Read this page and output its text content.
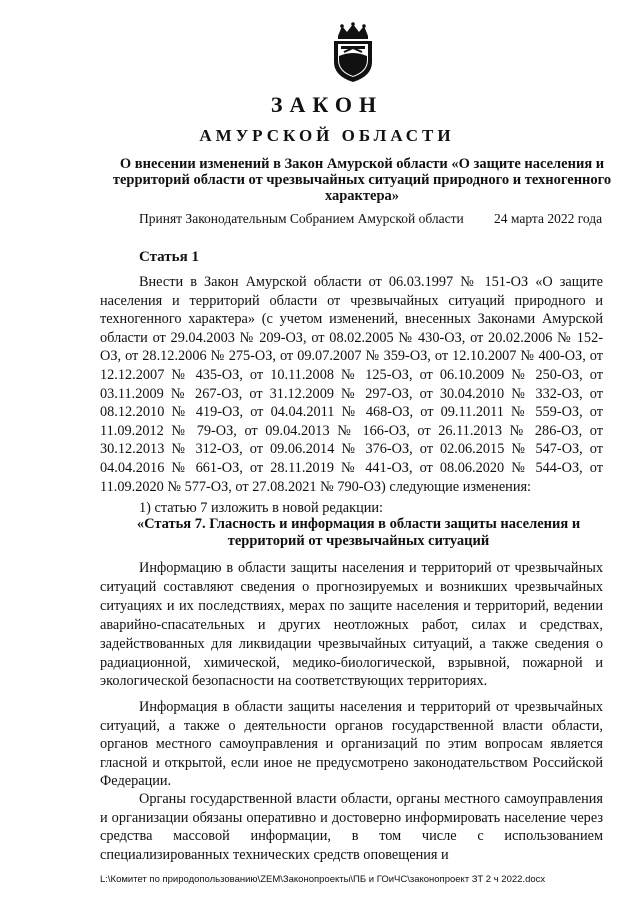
ЗАКОН
АМУРСКОЙ ОБЛАСТИ
О внесении изменений в Закон Амурской области «О защите населения и территорий области от чрезвычайных ситуаций природного и техногенного характера»
Принят Законодательным Собранием Амурской области 24 марта 2022 года
Статья 1

Внести в Закон Амурской области от 06.03.1997 № 151-ОЗ «О защите населения и территорий области от чрезвычайных ситуаций природного и техногенного характера» (с учетом изменений, внесенных Законами Амурской области от 29.04.2003 № 209-ОЗ, от 08.02.2005 № 430-ОЗ, от 20.02.2006 № 152-ОЗ, от 28.12.2006 № 275-ОЗ, от 09.07.2007 № 359-ОЗ, от 12.10.2007 № 400-ОЗ, от 12.12.2007 № 435-ОЗ, от 10.11.2008 № 125-ОЗ, от 06.10.2009 № 250-ОЗ, от 03.11.2009 № 267-ОЗ, от 31.12.2009 № 297-ОЗ, от 30.04.2010 № 332-ОЗ, от 08.12.2010 № 419-ОЗ, от 04.04.2011 № 468-ОЗ, от 09.11.2011 № 559-ОЗ, от 11.09.2012 № 79-ОЗ, от 09.04.2013 № 166-ОЗ, от 26.11.2013 № 286-ОЗ, от 30.12.2013 № 312-ОЗ, от 09.06.2014 № 376-ОЗ, от 02.06.2015 № 547-ОЗ, от 04.04.2016 № 661-ОЗ, от 28.11.2019 № 441-ОЗ, от 08.06.2020 № 544-ОЗ, от 11.09.2020 № 577-ОЗ, от 27.08.2021 № 790-ОЗ) следующие изменения:

1) статью 7 изложить в новой редакции:
«Статья 7. Гласность и информация в области защиты населения и территорий от чрезвычайных ситуаций

Информацию в области защиты населения и территорий от чрезвычайных ситуаций составляют сведения о прогнозируемых и возникших чрезвычайных ситуациях и их последствиях, мерах по защите населения и территорий, ведении аварийно-спасательных и других неотложных работ, силах и средствах, задействованных для ликвидации чрезвычайных ситуаций, а также сведения о радиационной, химической, медико-биологической, взрывной, пожарной и экологической безопасности на соответствующих территориях.

Информация в области защиты населения и территорий от чрезвычайных ситуаций, а также о деятельности органов государственной власти области, органов местного самоуправления и организаций по этим вопросам является гласной и открытой, если иное не предусмотрено законодательством Российской Федерации.

Органы государственной власти области, органы местного самоуправления и организации обязаны оперативно и достоверно информировать население через средства массовой информации, в том числе с использованием специализированных технических средств оповещения и

L:\Комитет по природопользованию\ZEM\Законопроекты\ПБ и ГОиЧС\законопроект ЗТ 2 ч 2022.docx
